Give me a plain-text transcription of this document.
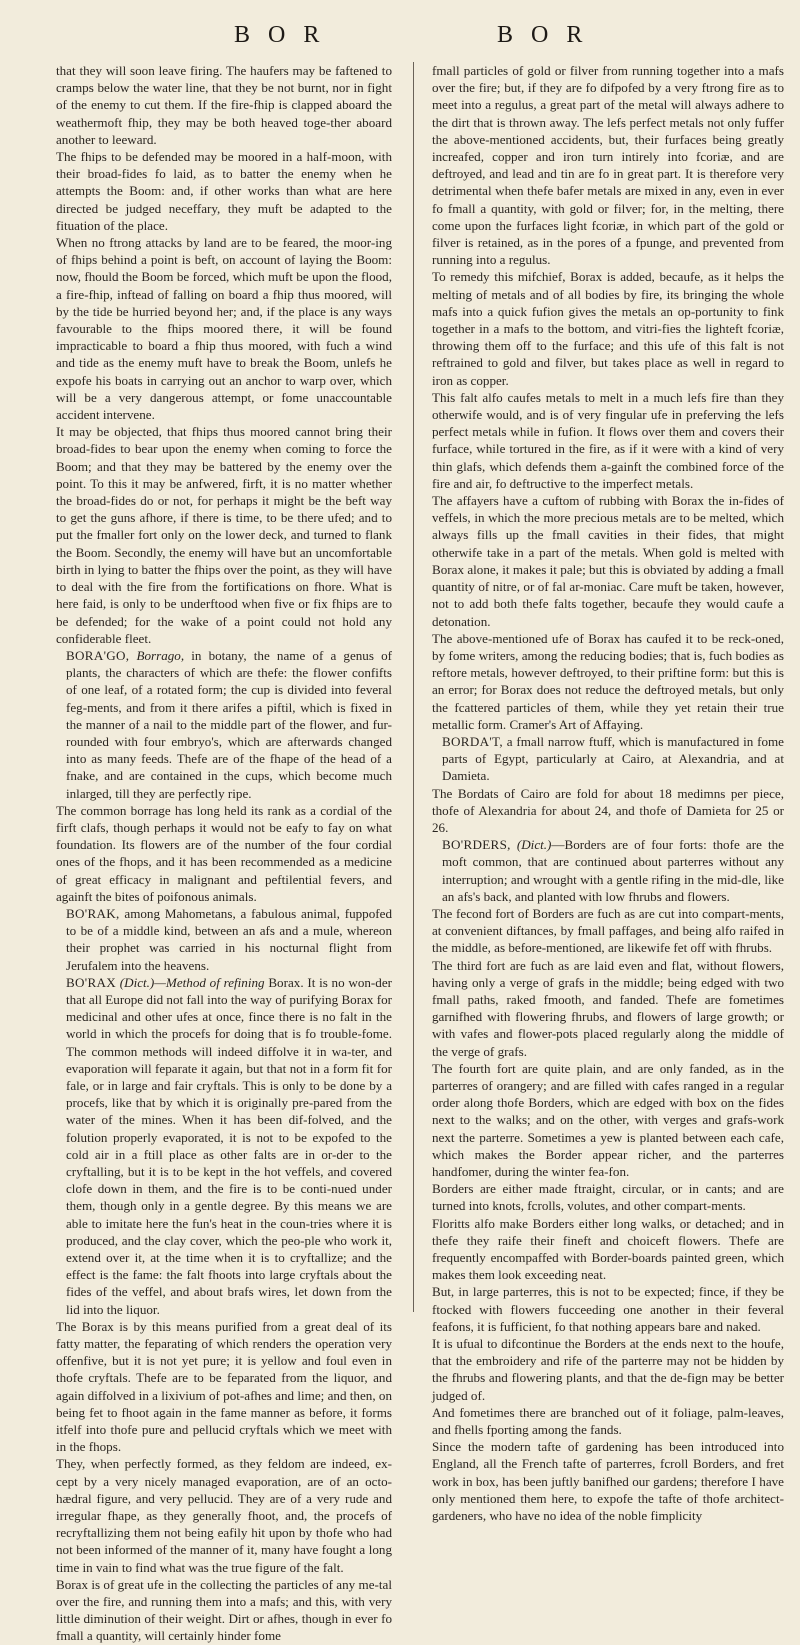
B O R	B O R

that they will soon leave firing. The haufers may be faftened to cramps below the water line, that they be not burnt, nor in fight of the enemy to cut them. If the fire-fhip is clapped aboard the weathermoft fhip, they may be both heaved toge-ther aboard another to leeward.

The fhips to be defended may be moored in a half-moon, with their broad-fides fo laid, as to batter the enemy when he attempts the Boom: and, if other works than what are here directed be judged neceffary, they muft be adapted to the fituation of the place.

When no ftrong attacks by land are to be feared, the moor-ing of fhips behind a point is beft, on account of laying the Boom: now, fhould the Boom be forced, which muft be upon the flood, a fire-fhip, inftead of falling on board a fhip thus moored, will by the tide be hurried beyond her; and, if the place is any ways favourable to the fhips moored there, it will be found impracticable to board a fhip thus moored, with fuch a wind and tide as the enemy muft have to break the Boom, unlefs he expofe his boats in carrying out an anchor to warp over, which will be a very dangerous attempt, or fome unaccountable accident intervene.

It may be objected, that fhips thus moored cannot bring their broad-fides to bear upon the enemy when coming to force the Boom; and that they may be battered by the enemy over the point. To this it may be anfwered, firft, it is no matter whether the broad-fides do or not, for perhaps it might be the beft way to get the guns afhore, if there is time, to be there ufed; and to put the fmaller fort only on the lower deck, and turned to flank the Boom. Secondly, the enemy will have but an uncomfortable birth in lying to batter the fhips over the point, as they will have to deal with the fire from the fortifications on fhore. What is here faid, is only to be underftood when five or fix fhips are to be defended; for the wake of a point could not hold any confiderable fleet.

BORA'GO, Borrago, in botany, the name of a genus of plants, the characters of which are thefe: the flower confifts of one leaf, of a rotated form; the cup is divided into feveral feg-ments, and from it there arifes a piftil, which is fixed in the manner of a nail to the middle part of the flower, and fur-rounded with four embryo's, which are afterwards changed into as many feeds. Thefe are of the fhape of the head of a fnake, and are contained in the cups, which become much inlarged, till they are perfectly ripe.

The common borrage has long held its rank as a cordial of the firft clafs, though perhaps it would not be eafy to fay on what foundation. Its flowers are of the number of the four cordial ones of the fhops, and it has been recommended as a medicine of great efficacy in malignant and peftilential fevers, and againft the bites of poifonous animals.

BO'RAK, among Mahometans, a fabulous animal, fuppofed to be of a middle kind, between an afs and a mule, whereon their prophet was carried in his nocturnal flight from Jerufalem into the heavens.

BO'RAX (Dict.)—Method of refining Borax. It is no won-der that all Europe did not fall into the way of purifying Borax for medicinal and other ufes at once, fince there is no falt in the world in which the procefs for doing that is fo trouble-fome. The common methods will indeed diffolve it in wa-ter, and evaporation will feparate it again, but that not in a form fit for fale, or in large and fair cryftals. This is only to be done by a procefs, like that by which it is originally pre-pared from the water of the mines. When it has been dif-folved, and the folution properly evaporated, it is not to be expofed to the cold air in a ftill place as other falts are in or-der to the cryftalling, but it is to be kept in the hot veffels, and covered clofe down in them, and the fire is to be conti-nued under them, though only in a gentle degree. By this means we are able to imitate here the fun's heat in the coun-tries where it is produced, and the clay cover, which the peo-ple who work it, extend over it, at the time when it is to cryftallize; and the effect is the fame: the falt fhoots into large cryftals about the fides of the veffel, and about brafs wires, let down from the lid into the liquor.

The Borax is by this means purified from a great deal of its fatty matter, the feparating of which renders the operation very offenfive, but it is not yet pure; it is yellow and foul even in thofe cryftals. Thefe are to be feparated from the liquor, and again diffolved in a lixivium of pot-afhes and lime; and then, on being fet to fhoot again in the fame manner as before, it forms itfelf into thofe pure and pellucid cryftals which we meet with in the fhops.

They, when perfectly formed, as they feldom are indeed, ex-cept by a very nicely managed evaporation, are of an octo-hædral figure, and very pellucid. They are of a very rude and irregular fhape, as they generally fhoot, and, the procefs of recryftallizing them not being eafily hit upon by thofe who had not been informed of the manner of it, many have fought a long time in vain to find what was the true figure of the falt.

Borax is of great ufe in the collecting the particles of any me-tal over the fire, and running them into a mafs; and this, with very little diminution of their weight. Dirt or afhes, though in ever fo fmall a quantity, will certainly hinder fome

fmall particles of gold or filver from running together into a mafs over the fire; but, if they are fo difpofed by a very ftrong fire as to meet into a regulus, a great part of the metal will always adhere to the dirt that is thrown away. The lefs perfect metals not only fuffer the above-mentioned accidents, but, their furfaces being greatly increafed, copper and iron turn intirely into fcoriæ, and are deftroyed, and lead and tin are fo in great part. It is therefore very detrimental when thefe bafer metals are mixed in any, even in ever fo fmall a quantity, with gold or filver; for, in the melting, there come upon the furfaces light fcoriæ, in which part of the gold or filver is retained, as in the pores of a fpunge, and prevented from running into a regulus.

To remedy this mifchief, Borax is added, becaufe, as it helps the melting of metals and of all bodies by fire, its bringing the whole mafs into a quick fufion gives the metals an op-portunity to fink together in a mafs to the bottom, and vitri-fies the lighteft fcoriæ, throwing them off to the furface; and this ufe of this falt is not reftrained to gold and filver, but takes place as well in regard to iron as copper.

This falt alfo caufes metals to melt in a much lefs fire than they otherwife would, and is of very fingular ufe in preferving the lefs perfect metals while in fufion. It flows over them and covers their furface, while tortured in the fire, as if it were with a kind of very thin glafs, which defends them a-gainft the combined force of the fire and air, fo deftructive to the imperfect metals.

The affayers have a cuftom of rubbing with Borax the in-fides of veffels, in which the more precious metals are to be melted, which always fills up the fmall cavities in their fides, that might otherwife take in a part of the metals. When gold is melted with Borax alone, it makes it pale; but this is obviated by adding a fmall quantity of nitre, or of fal ar-moniac. Care muft be taken, however, not to add both thefe falts together, becaufe they would caufe a detonation.

The above-mentioned ufe of Borax has caufed it to be reck-oned, by fome writers, among the reducing bodies; that is, fuch bodies as reftore metals, however deftroyed, to their priftine form: but this is an error; for Borax does not reduce the deftroyed metals, but only the fcattered particles of them, while they yet retain their true metallic form. Cramer's Art of Affaying.

BORDA'T, a fmall narrow ftuff, which is manufactured in fome parts of Egypt, particularly at Cairo, at Alexandria, and at Damieta.

The Bordats of Cairo are fold for about 18 medimns per piece, thofe of Alexandria for about 24, and thofe of Damieta for 25 or 26.

BO'RDERS, (Dict.)—Borders are of four forts: thofe are the moft common, that are continued about parterres without any interruption; and wrought with a gentle rifing in the mid-dle, like an afs's back, and planted with low fhrubs and flowers.

The fecond fort of Borders are fuch as are cut into compart-ments, at convenient diftances, by fmall paffages, and being alfo raifed in the middle, as before-mentioned, are likewife fet off with fhrubs.

The third fort are fuch as are laid even and flat, without flowers, having only a verge of grafs in the middle; being edged with two fmall paths, raked fmooth, and fanded. Thefe are fometimes garnifhed with flowering fhrubs, and flowers of large growth; or with vafes and flower-pots placed regularly along the middle of the verge of grafs.

The fourth fort are quite plain, and are only fanded, as in the parterres of orangery; and are filled with cafes ranged in a regular order along thofe Borders, which are edged with box on the fides next to the walks; and on the other, with verges and grafs-work next the parterre. Sometimes a yew is planted between each cafe, which makes the Border appear richer, and the parterres handfomer, during the winter fea-fon.

Borders are either made ftraight, circular, or in cants; and are turned into knots, fcrolls, volutes, and other compart-ments.

Floritts alfo make Borders either long walks, or detached; and in thefe they raife their fineft and choiceft flowers. Thefe are frequently encompaffed with Border-boards painted green, which makes them look exceeding neat.

But, in large parterres, this is not to be expected; fince, if they be ftocked with flowers fucceeding one another in their feveral feafons, it is fufficient, fo that nothing appears bare and naked.

It is ufual to difcontinue the Borders at the ends next to the houfe, that the embroidery and rife of the parterre may not be hidden by the fhrubs and flowering plants, and that the de-fign may be better judged of.

And fometimes there are branched out of it foliage, palm-leaves, and fhells fporting among the fands.

Since the modern tafte of gardening has been introduced into England, all the French tafte of parterres, fcroll Borders, and fret work in box, has been juftly banifhed our gardens; therefore I have only mentioned them here, to expofe the tafte of thofe architect-gardeners, who have no idea of the noble fimplicity
